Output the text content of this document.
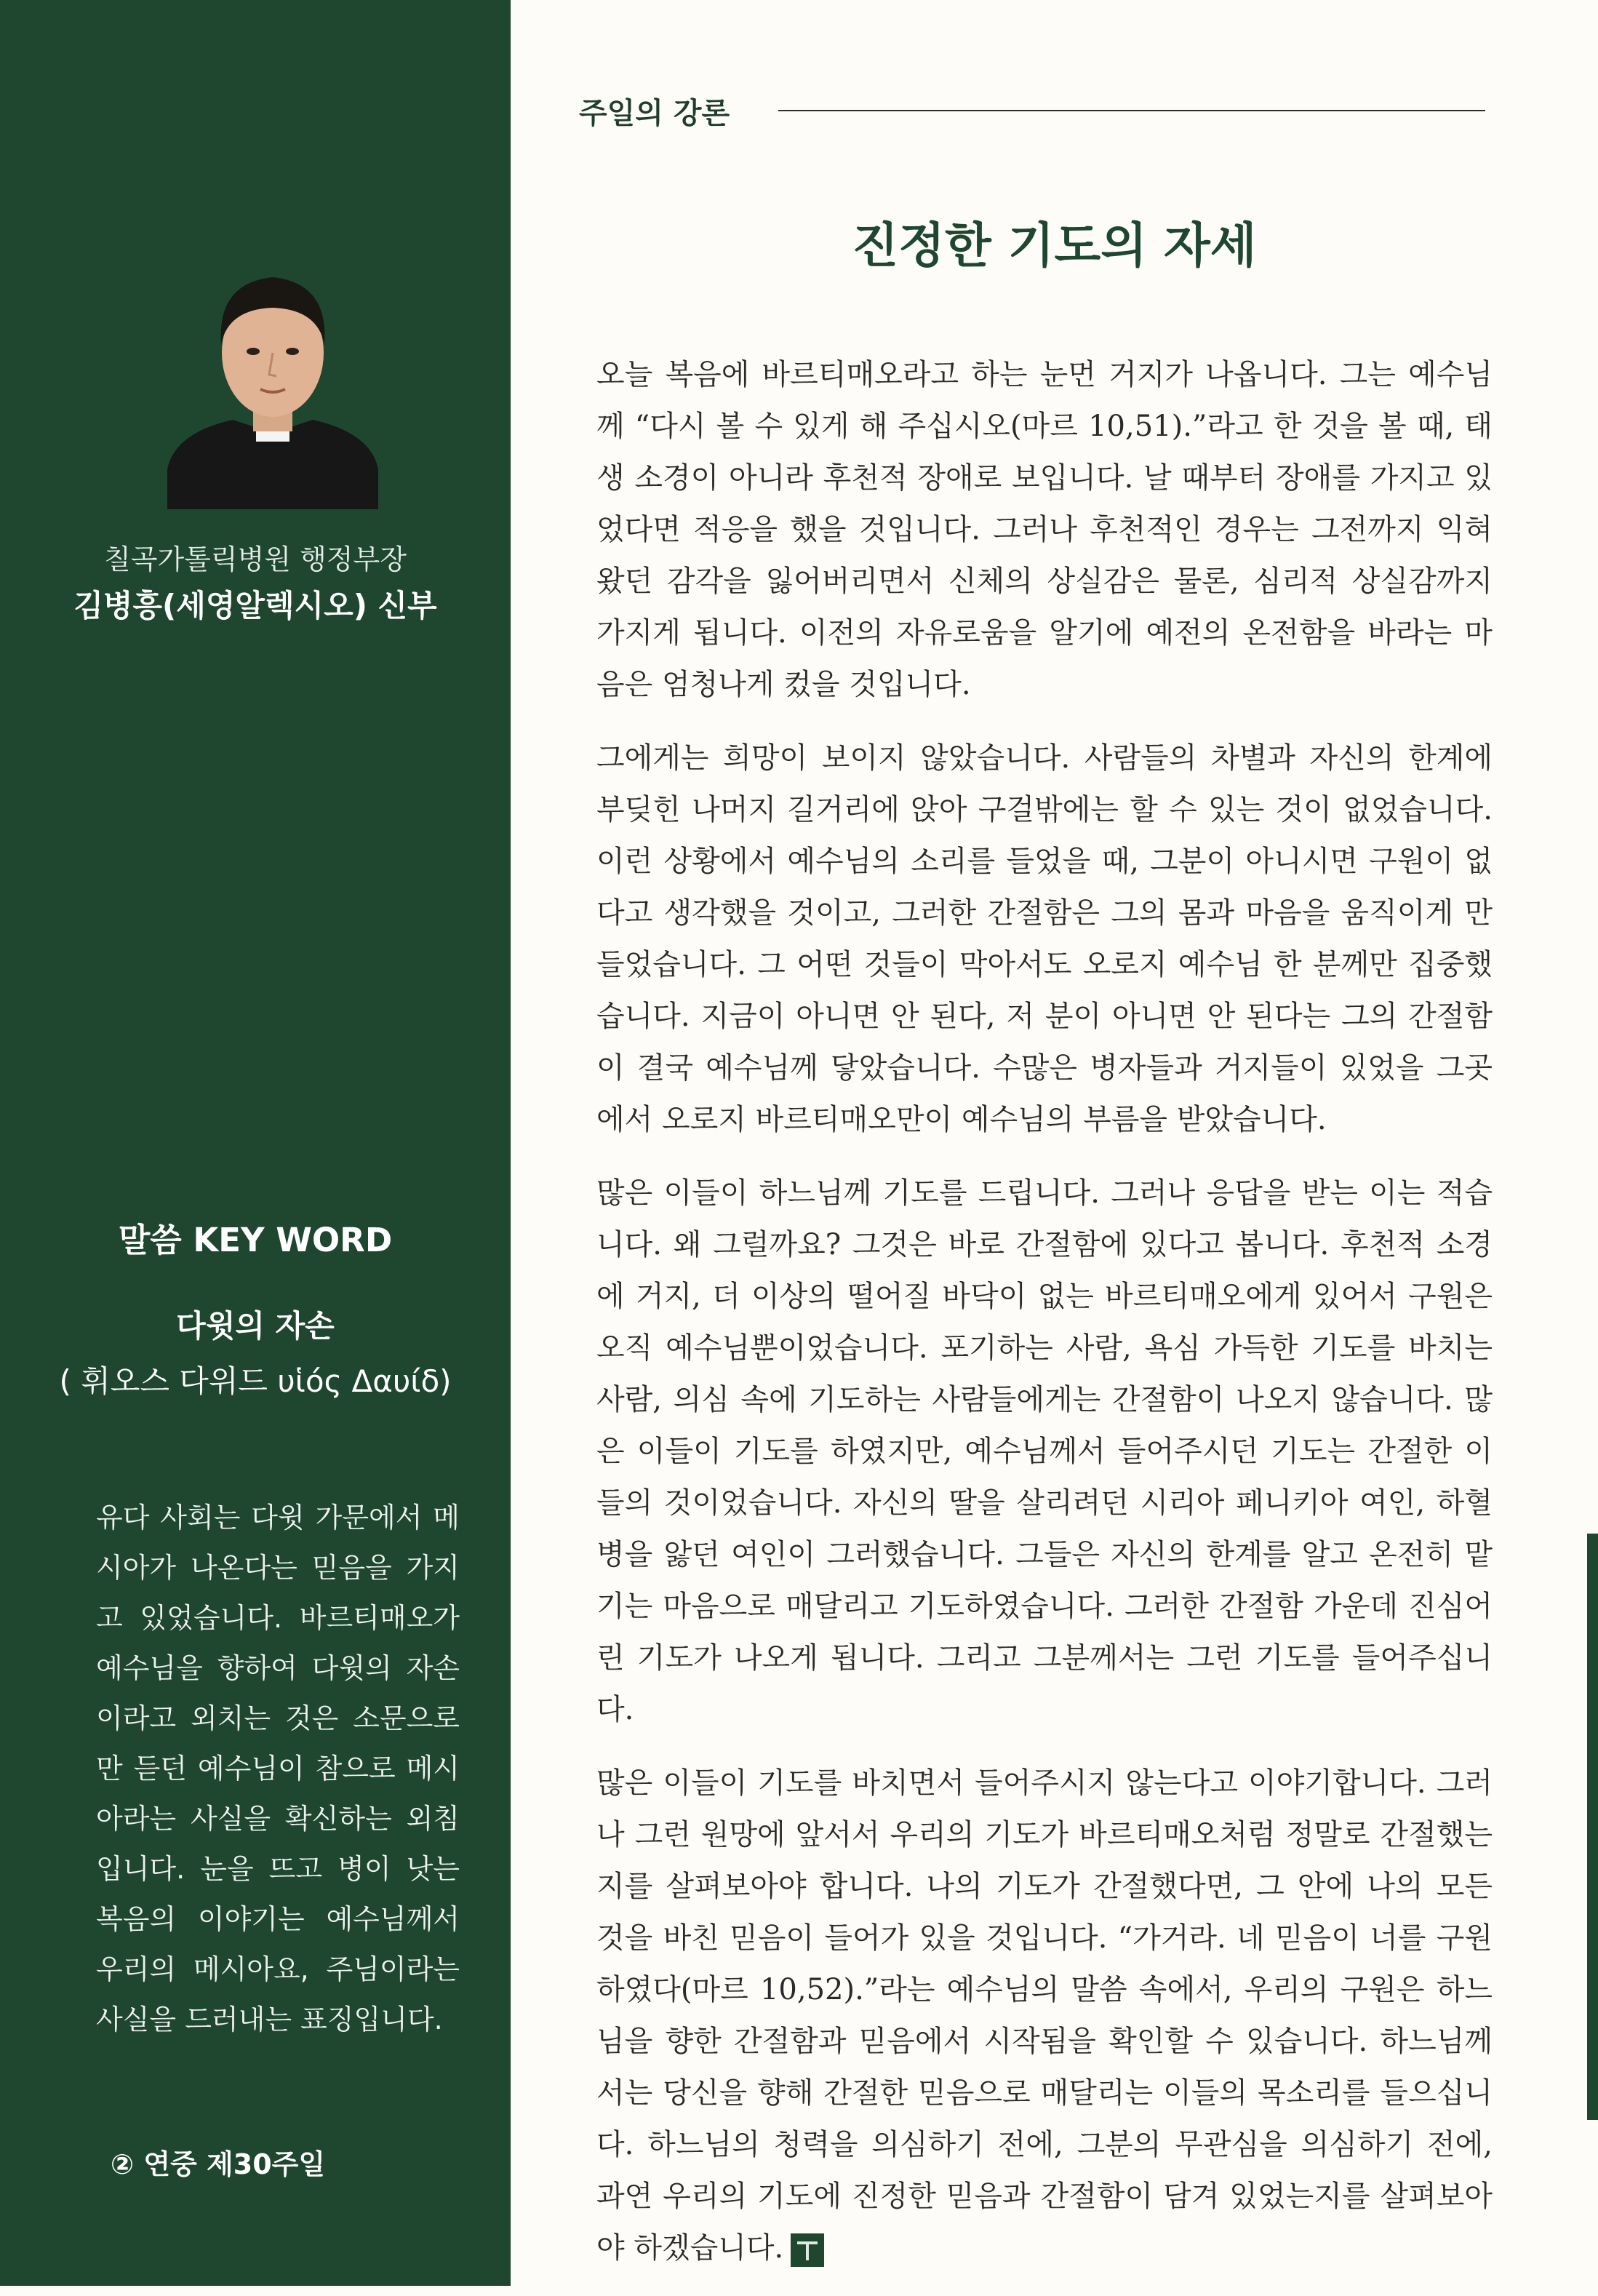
칠곡가톨릭병원 행정부장
김병흥(세영알렉시오) 신부
말씀 KEY WORD
다윗의 자손
( 휘오스 다위드 υἱός Δαυίδ)
유다 사회는 다윗 가문에서 메시아가 나온다는 믿음을 가지고 있었습니다. 바르티매오가 예수님을 향하여 다윗의 자손이라고 외치는 것은 소문으로만 듣던 예수님이 참으로 메시아라는 사실을 확신하는 외침입니다. 눈을 뜨고 병이 낫는 복음의 이야기는 예수님께서 우리의 메시아요, 주님이라는 사실을 드러내는 표징입니다.
② 연중 제30주일
주일의 강론
진정한 기도의 자세

오늘 복음에 바르티매오라고 하는 눈먼 거지가 나옵니다. 그는 예수님께 “다시 볼 수 있게 해 주십시오(마르 10,51).”라고 한 것을 볼 때, 태생 소경이 아니라 후천적 장애로 보입니다. 날 때부터 장애를 가지고 있었다면 적응을 했을 것입니다. 그러나 후천적인 경우는 그전까지 익혀왔던 감각을 잃어버리면서 신체의 상실감은 물론, 심리적 상실감까지 가지게 됩니다. 이전의 자유로움을 알기에 예전의 온전함을 바라는 마음은 엄청나게 컸을 것입니다.

그에게는 희망이 보이지 않았습니다. 사람들의 차별과 자신의 한계에 부딪힌 나머지 길거리에 앉아 구걸밖에는 할 수 있는 것이 없었습니다. 이런 상황에서 예수님의 소리를 들었을 때, 그분이 아니시면 구원이 없다고 생각했을 것이고, 그러한 간절함은 그의 몸과 마음을 움직이게 만들었습니다. 그 어떤 것들이 막아서도 오로지 예수님 한 분께만 집중했습니다. 지금이 아니면 안 된다, 저 분이 아니면 안 된다는 그의 간절함이 결국 예수님께 닿았습니다. 수많은 병자들과 거지들이 있었을 그곳에서 오로지 바르티매오만이 예수님의 부름을 받았습니다.

많은 이들이 하느님께 기도를 드립니다. 그러나 응답을 받는 이는 적습니다. 왜 그럴까요? 그것은 바로 간절함에 있다고 봅니다. 후천적 소경에 거지, 더 이상의 떨어질 바닥이 없는 바르티매오에게 있어서 구원은 오직 예수님뿐이었습니다. 포기하는 사람, 욕심 가득한 기도를 바치는 사람, 의심 속에 기도하는 사람들에게는 간절함이 나오지 않습니다. 많은 이들이 기도를 하였지만, 예수님께서 들어주시던 기도는 간절한 이들의 것이었습니다. 자신의 딸을 살리려던 시리아 페니키아 여인, 하혈 병을 앓던 여인이 그러했습니다. 그들은 자신의 한계를 알고 온전히 맡기는 마음으로 매달리고 기도하였습니다. 그러한 간절함 가운데 진심어린 기도가 나오게 됩니다. 그리고 그분께서는 그런 기도를 들어주십니다.

많은 이들이 기도를 바치면서 들어주시지 않는다고 이야기합니다. 그러나 그런 원망에 앞서서 우리의 기도가 바르티매오처럼 정말로 간절했는지를 살펴보아야 합니다. 나의 기도가 간절했다면, 그 안에 나의 모든 것을 바친 믿음이 들어가 있을 것입니다. “가거라. 네 믿음이 너를 구원하였다(마르 10,52).”라는 예수님의 말씀 속에서, 우리의 구원은 하느님을 향한 간절함과 믿음에서 시작됨을 확인할 수 있습니다. 하느님께서는 당신을 향해 간절한 믿음으로 매달리는 이들의 목소리를 들으십니다. 하느님의 청력을 의심하기 전에, 그분의 무관심을 의심하기 전에, 과연 우리의 기도에 진정한 믿음과 간절함이 담겨 있었는지를 살펴보아야 하겠습니다.
